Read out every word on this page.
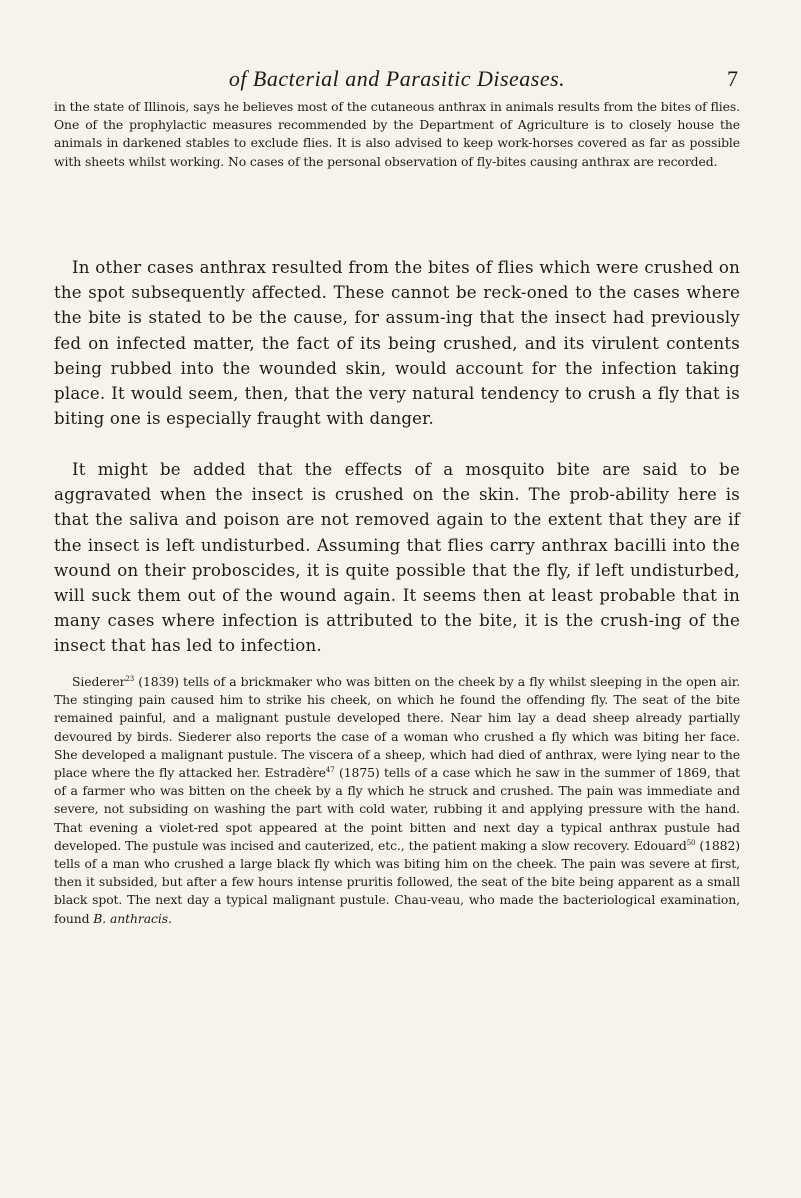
of Bacterial and Parasitic Diseases.	7

in the state of Illinois, says he believes most of the cutaneous anthrax in animals results from the bites of flies. One of the prophylactic measures recommended by the Department of Agriculture is to closely house the animals in darkened stables to exclude flies. It is also advised to keep work-horses covered as far as possible with sheets whilst working. No cases of the personal observation of fly-bites causing anthrax are recorded.

In other cases anthrax resulted from the bites of flies which were crushed on the spot subsequently affected. These cannot be reck-oned to the cases where the bite is stated to be the cause, for assum-ing that the insect had previously fed on infected matter, the fact of its being crushed, and its virulent contents being rubbed into the wounded skin, would account for the infection taking place. It would seem, then, that the very natural tendency to crush a fly that is biting one is especially fraught with danger.

It might be added that the effects of a mosquito bite are said to be aggravated when the insect is crushed on the skin. The prob-ability here is that the saliva and poison are not removed again to the extent that they are if the insect is left undisturbed. Assuming that flies carry anthrax bacilli into the wound on their proboscides, it is quite possible that the fly, if left undisturbed, will suck them out of the wound again. It seems then at least probable that in many cases where infection is attributed to the bite, it is the crush-ing of the insect that has led to infection.

Siederer$^{23}$ (1839) tells of a brickmaker who was bitten on the cheek by a fly whilst sleeping in the open air. The stinging pain caused him to strike his cheek, on which he found the offending fly. The seat of the bite remained painful, and a malignant pustule developed there. Near him lay a dead sheep already partially devoured by birds. Siederer also reports the case of a woman who crushed a fly which was biting her face. She developed a malignant pustule. The viscera of a sheep, which had died of anthrax, were lying near to the place where the fly attacked her. Estradère$^{47}$ (1875) tells of a case which he saw in the summer of 1869, that of a farmer who was bitten on the cheek by a fly which he struck and crushed. The pain was immediate and severe, not subsiding on washing the part with cold water, rubbing it and applying pressure with the hand. That evening a violet-red spot appeared at the point bitten and next day a typical anthrax pustule had developed. The pustule was incised and cauterized, etc., the patient making a slow recovery. Edouard$^{50}$ (1882) tells of a man who crushed a large black fly which was biting him on the cheek. The pain was severe at first, then it subsided, but after a few hours intense pruritis followed, the seat of the bite being apparent as a small black spot. The next day a typical malignant pustule. Chau-veau, who made the bacteriological examination, found B. anthracis.
